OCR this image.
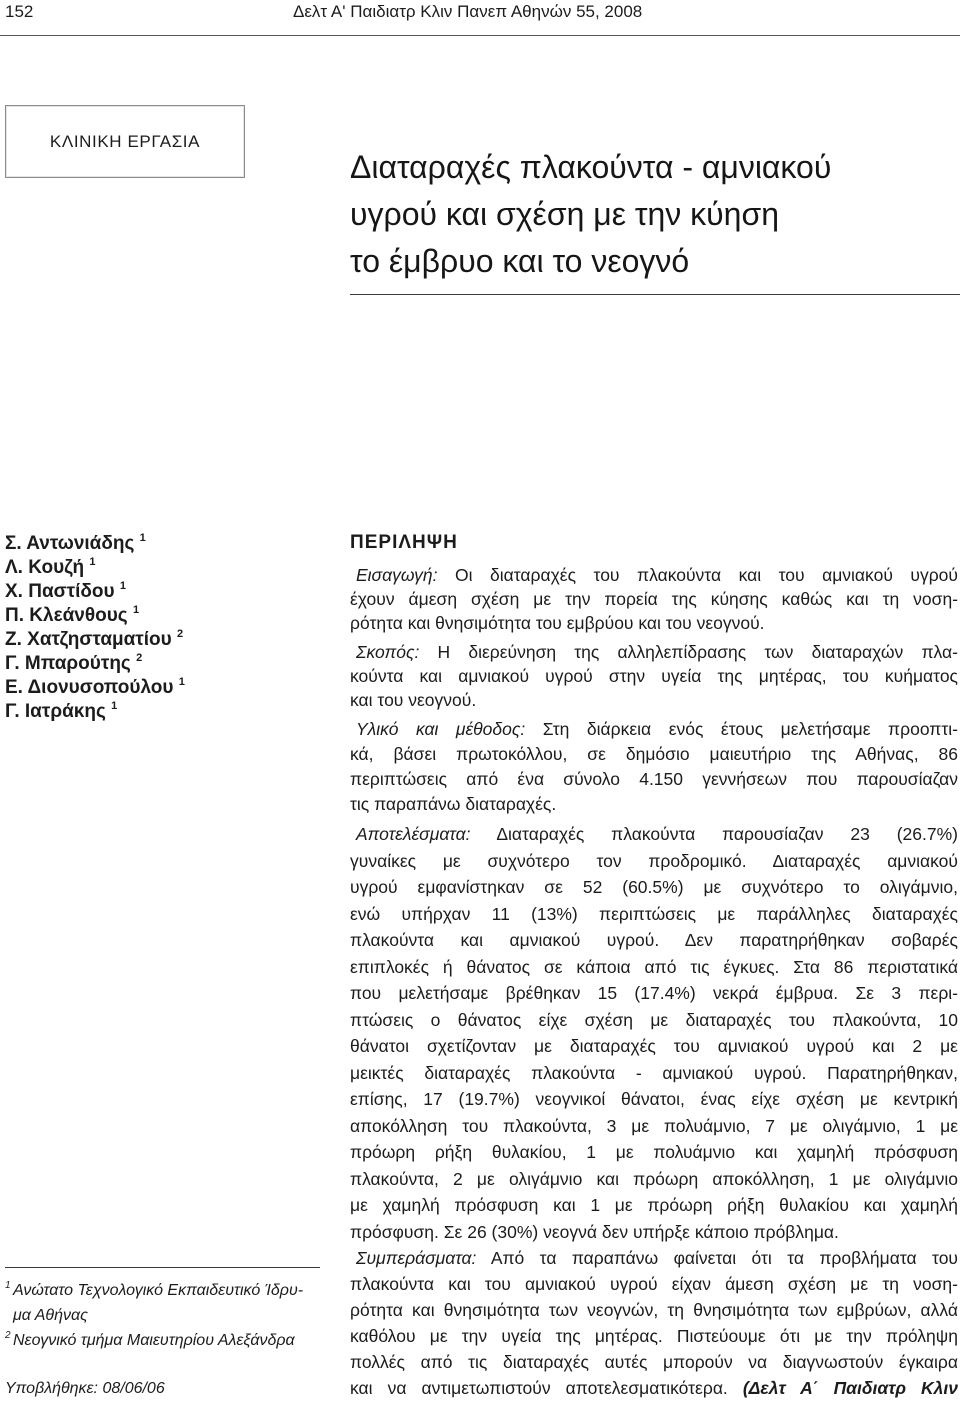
152	Δελτ Α' Παιδιατρ Κλιν Πανεπ Αθηνών 55, 2008
ΚΛΙΝΙΚΗ ΕΡΓΑΣΙΑ
Διαταραχές πλακούντα - αμνιακού
υγρού και σχέση με την κύηση
το έμβρυο και το νεογνό
Σ. Αντωνιάδης $^1$
Λ. Κουζή $^1$
Χ. Παστίδου $^1$
Π. Κλεάνθους $^1$
Ζ. Χατζησταματίου $^2$
Γ. Μπαρούτης $^2$
Ε. Διονυσοπούλου $^1$
Γ. Ιατράκης $^1$
ΠΕΡΙΛΗΨΗ
Εισαγωγή: Οι διαταραχές του πλακούντα και του αμνιακού υγρού
έχουν άμεση σχέση με την πορεία της κύησης καθώς και τη νοση-
ρότητα και θνησιμότητα του εμβρύου και του νεογνού.
Σκοπός: Η διερεύνηση της αλληλεπίδρασης των διαταραχών πλα-
κούντα και αμνιακού υγρού στην υγεία της μητέρας, του κυήματος
και του νεογνού.
Υλικό και μέθοδος: Στη διάρκεια ενός έτους μελετήσαμε προοπτι-
κά, βάσει πρωτοκόλλου, σε δημόσιο μαιευτήριο της Αθήνας, 86
περιπτώσεις από ένα σύνολο 4.150 γεννήσεων που παρουσίαζαν
τις παραπάνω διαταραχές.
Αποτελέσματα: Διαταραχές πλακούντα παρουσίαζαν 23 (26.7%)
γυναίκες με συχνότερο τον προδρομικό. Διαταραχές αμνιακού
υγρού εμφανίστηκαν σε 52 (60.5%) με συχνότερο το ολιγάμνιο,
ενώ υπήρχαν 11 (13%) περιπτώσεις με παράλληλες διαταραχές
πλακούντα και αμνιακού υγρού. Δεν παρατηρήθηκαν σοβαρές
επιπλοκές ή θάνατος σε κάποια από τις έγκυες. Στα 86 περιστατικά
που μελετήσαμε βρέθηκαν 15 (17.4%) νεκρά έμβρυα. Σε 3 περι-
πτώσεις ο θάνατος είχε σχέση με διαταραχές του πλακούντα, 10
θάνατοι σχετίζονταν με διαταραχές του αμνιακού υγρού και 2 με
μεικτές διαταραχές πλακούντα - αμνιακού υγρού. Παρατηρήθηκαν,
επίσης, 17 (19.7%) νεογνικοί θάνατοι, ένας είχε σχέση με κεντρική
αποκόλληση του πλακούντα, 3 με πολυάμνιο, 7 με ολιγάμνιο, 1 με
πρόωρη ρήξη θυλακίου, 1 με πολυάμνιο και χαμηλή πρόσφυση
πλακούντα, 2 με ολιγάμνιο και πρόωρη αποκόλληση, 1 με ολιγάμνιο
με χαμηλή πρόσφυση και 1 με πρόωρη ρήξη θυλακίου και χαμηλή
πρόσφυση. Σε 26 (30%) νεογνά δεν υπήρξε κάποιο πρόβλημα.
Συμπεράσματα: Από τα παραπάνω φαίνεται ότι τα προβλήματα του
πλακούντα και του αμνιακού υγρού είχαν άμεση σχέση με τη νοση-
ρότητα και θνησιμότητα των νεογνών, τη θνησιμότητα των εμβρύων, αλλά
καθόλου με την υγεία της μητέρας. Πιστεύουμε ότι με την πρόληψη
πολλές από τις διαταραχές αυτές μπορούν να διαγνωστούν έγκαιρα
και να αντιμετωπιστούν αποτελεσματικότερα. (Δελτ Α΄ Παιδιατρ Κλιν
1 Ανώτατο Τεχνολογικό Εκπαιδευτικό Ίδρυ-
μα Αθήνας
2 Νεογνικό τμήμα Μαιευτηρίου Αλεξάνδρα
Υποβλήθηκε: 08/06/06
